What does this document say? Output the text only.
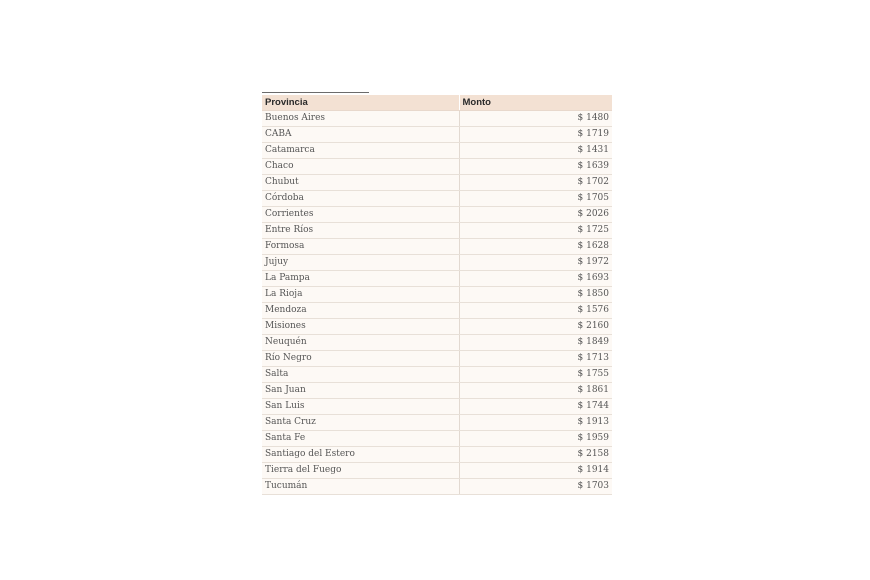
Provincia	Monto
Buenos Aires	$ 1480
CABA	$ 1719
Catamarca	$ 1431
Chaco	$ 1639
Chubut	$ 1702
Córdoba	$ 1705
Corrientes	$ 2026
Entre Ríos	$ 1725
Formosa	$ 1628
Jujuy	$ 1972
La Pampa	$ 1693
La Rioja	$ 1850
Mendoza	$ 1576
Misiones	$ 2160
Neuquén	$ 1849
Río Negro	$ 1713
Salta	$ 1755
San Juan	$ 1861
San Luis	$ 1744
Santa Cruz	$ 1913
Santa Fe	$ 1959
Santiago del Estero	$ 2158
Tierra del Fuego	$ 1914
Tucumán	$ 1703
